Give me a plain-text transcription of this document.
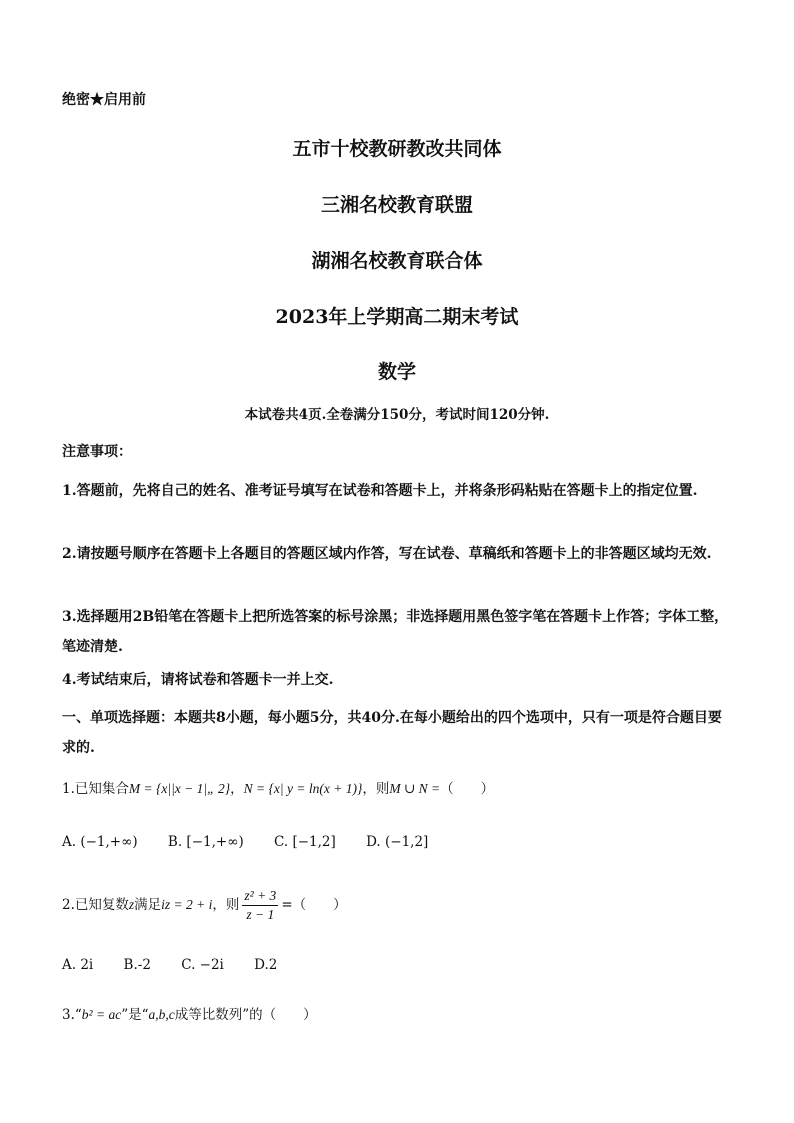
绝密★启用前
五市十校教研教改共同体
三湘名校教育联盟
湖湘名校教育联合体
2023年上学期高二期末考试
数学
本试卷共4页.全卷满分150分，考试时间120分钟.
注意事项：
1.答题前，先将自己的姓名、准考证号填写在试卷和答题卡上，并将条形码粘贴在答题卡上的指定位置.
2.请按题号顺序在答题卡上各题目的答题区域内作答，写在试卷、草稿纸和答题卡上的非答题区域均无效.
3.选择题用2B铅笔在答题卡上把所选答案的标号涂黑；非选择题用黑色签字笔在答题卡上作答；字体工整，笔迹清楚.
4.考试结束后，请将试卷和答题卡一并上交.
一、单项选择题：本题共8小题，每小题5分，共40分.在每小题给出的四个选项中，只有一项是符合题目要求的.
1.已知集合M = {x||x − 1|„ 2}，N = {x| y = ln(x + 1)}，则M ∪ N =（　　）
A. (−1,+∞) B. [−1,+∞) C. [−1,2] D. (−1,2]
2.已知复数z满足iz = 2 + i，则 $\frac{\text{z² + 3}}{z - 1}$ =（　　）
A. 2i B.-2 C. −2i D.2
3.“b² = ac”是“a,b,c成等比数列”的（　　）
